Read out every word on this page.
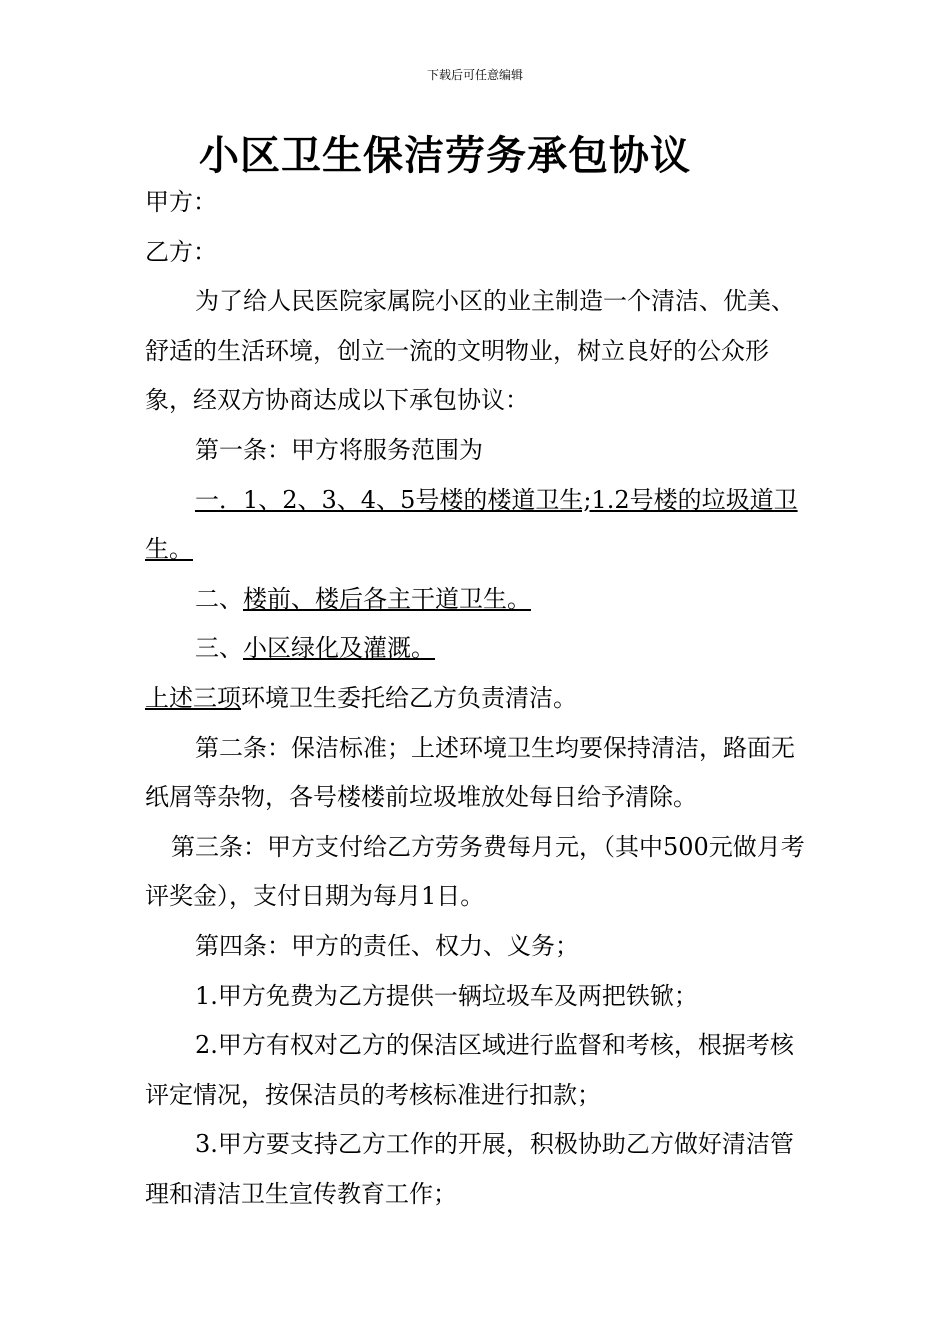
下载后可任意编辑
小区卫生保洁劳务承包协议

甲方：

乙方：

为了给人民医院家属院小区的业主制造一个清洁、优美、舒适的生活环境，创立一流的文明物业，树立良好的公众形象，经双方协商达成以下承包协议：

第一条：甲方将服务范围为

一．1、2、3、4、5号楼的楼道卫生;1.2号楼的垃圾道卫生。

二、楼前、楼后各主干道卫生。

三、小区绿化及灌溉。

上述三项环境卫生委托给乙方负责清洁。

第二条：保洁标准；上述环境卫生均要保持清洁，路面无纸屑等杂物，各号楼楼前垃圾堆放处每日给予清除。

第三条：甲方支付给乙方劳务费每月元，（其中500元做月考评奖金），支付日期为每月1日。

第四条：甲方的责任、权力、义务；

1.甲方免费为乙方提供一辆垃圾车及两把铁锨；

2.甲方有权对乙方的保洁区域进行监督和考核，根据考核评定情况，按保洁员的考核标准进行扣款；

3.甲方要支持乙方工作的开展，积极协助乙方做好清洁管理和清洁卫生宣传教育工作；
